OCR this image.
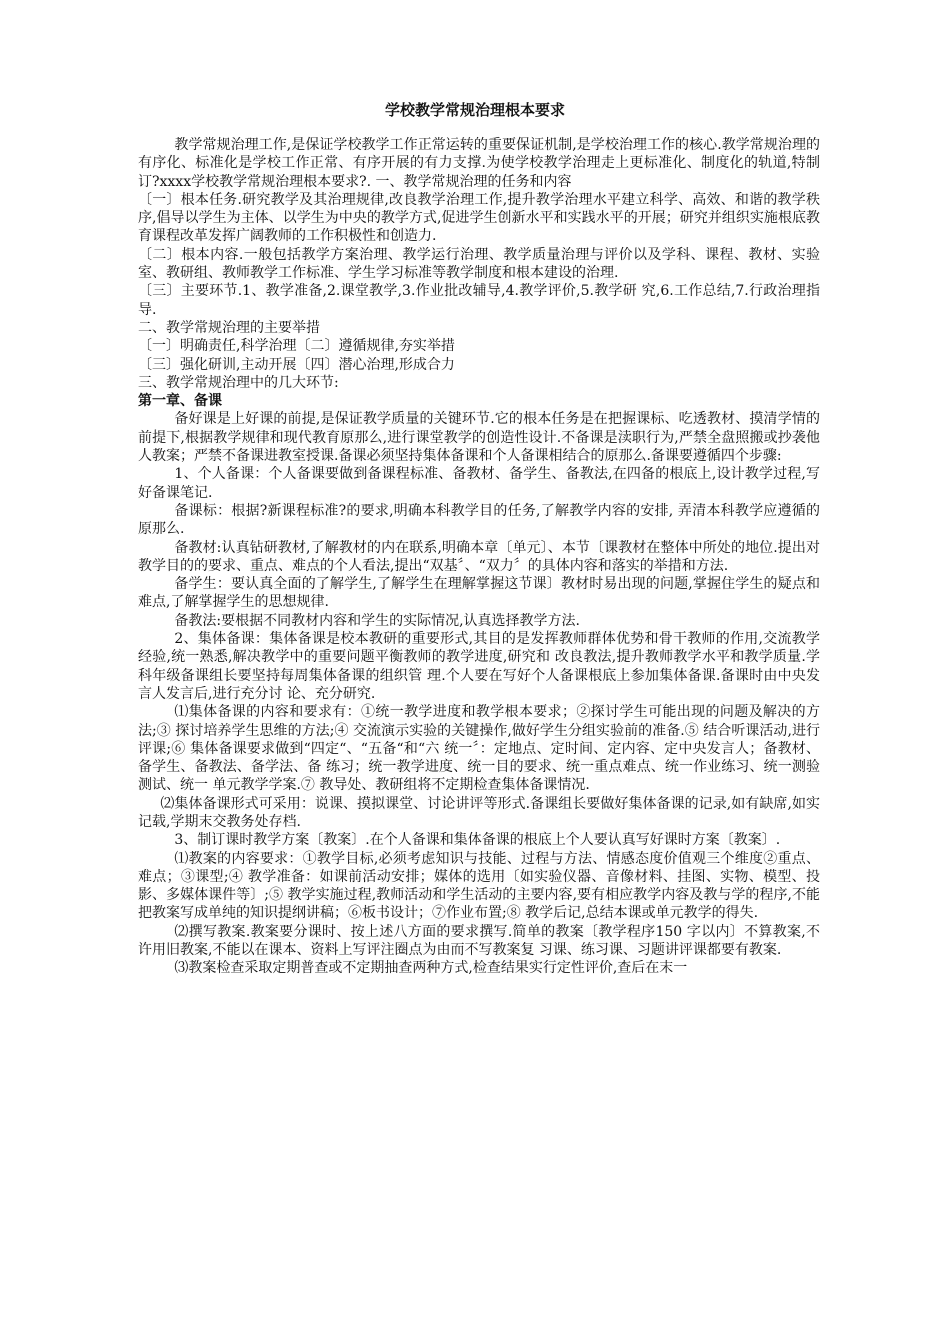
学校教学常规治理根本要求

教学常规治理工作,是保证学校教学工作正常运转的重要保证机制,是学校治理工作的核心.教学常规治理的有序化、标准化是学校工作正常、有序开展的有力支撑.为使学校教学治理走上更标准化、制度化的轨道,特制订?xxxx学校教学常规治理根本要求?. 一、教学常规治理的任务和内容

〔一〕根本任务.研究教学及其治理规律,改良教学治理工作,提升教学治理水平建立科学、高效、和谐的教学秩序,倡导以学生为主体、以学生为中央的教学方式,促进学生创新水平和实践水平的开展；研究并组织实施根底教育课程改革发挥广阔教师的工作积极性和创造力.

〔二〕根本内容.一般包括教学方案治理、教学运行治理、教学质量治理与评价以及学科、课程、教材、实验室、教研组、教师教学工作标准、学生学习标准等教学制度和根本建设的治理.

〔三〕主要环节.1、教学准备,2.课堂教学,3.作业批改辅导,4.教学评价,5.教学研 究,6.工作总结,7.行政治理指导.

二、教学常规治理的主要举措

〔一〕明确责任,科学治理〔二〕遵循规律,夯实举措

〔三〕强化研训,主动开展〔四〕潜心治理,形成合力

三、教学常规治理中的几大环节:

第一章、备课

备好课是上好课的前提,是保证教学质量的关键环节.它的根本任务是在把握课标、吃透教材、摸清学情的前提下,根据教学规律和现代教育原那么,进行课堂教学的创造性设计.不备课是渎职行为,严禁全盘照搬或抄袭他人教案；严禁不备课进教室授课.备课必须坚持集体备课和个人备课相结合的原那么.备课要遵循四个步骤:

1、个人备课：个人备课要做到备课程标准、备教材、备学生、备教法,在四备的根底上,设计教学过程,写好备课笔记.

备课标：根据?新课程标准?的要求,明确本科教学目的任务,了解教学内容的安排, 弄清本科教学应遵循的原那么.

备教材:认真钻研教材,了解教材的内在联系,明确本章〔单元〕、本节〔课教材在整体中所处的地位.提出对教学目的的要求、重点、难点的个人看法,提出“双基〞、“双力〞的具体内容和落实的举措和方法.

备学生：要认真全面的了解学生,了解学生在理解掌握这节课〕教材时易出现的问题,掌握住学生的疑点和难点,了解掌握学生的思想规律.

备教法:要根据不同教材内容和学生的实际情况,认真选择教学方法.

2、集体备课：集体备课是校本教研的重要形式,其目的是发挥教师群体优势和骨干教师的作用,交流教学经验,统一熟悉,解决教学中的重要问题平衡教师的教学进度,研究和 改良教法,提升教师教学水平和教学质量.学科年级备课组长要坚持每周集体备课的组织管 理.个人要在写好个人备课根底上参加集体备课.备课时由中央发言人发言后,进行充分讨 论、充分研究.

⑴集体备课的内容和要求有：①统一教学进度和教学根本要求；②探讨学生可能出现的问题及解决的方法;③ 探讨培养学生思维的方法;④ 交流演示实验的关键操作,做好学生分组实验前的准备.⑤ 结合听课活动,进行评课;⑥ 集体备课要求做到“四定“、“五备“和“六 统一〞：定地点、定时间、定内容、定中央发言人；备教材、备学生、备教法、备学法、备 练习；统一教学进度、统一目的要求、统一重点难点、统一作业练习、统一测验测试、统一 单元教学学案.⑦ 教导处、教研组将不定期检查集体备课情况.

⑵集体备课形式可采用：说课、摸拟课堂、讨论讲评等形式.备课组长要做好集体备课的记录,如有缺席,如实记载,学期末交教务处存档.

3、制订课时教学方案〔教案〕.在个人备课和集体备课的根底上个人要认真写好课时方案〔教案〕.

⑴教案的内容要求：①教学目标,必须考虑知识与技能、过程与方法、情感态度价值观三个维度②重点、难点；③课型;④ 教学准备：如课前活动安排；媒体的选用〔如实验仪器、音像材料、挂图、实物、模型、投影、多媒体课件等〕;⑤ 教学实施过程,教师活动和学生活动的主要内容,要有相应教学内容及教与学的程序,不能把教案写成单纯的知识提纲讲稿；⑥板书设计；⑦作业布置;⑧ 教学后记,总结本课或单元教学的得失.

⑵撰写教案.教案要分课时、按上述八方面的要求撰写.简单的教案〔教学程序150 字以内〕不算教案,不许用旧教案,不能以在课本、资料上写评注圈点为由而不写教案复 习课、练习课、习题讲评课都要有教案.

⑶教案检查采取定期普查或不定期抽查两种方式,检查结果实行定性评价,查后在末一
